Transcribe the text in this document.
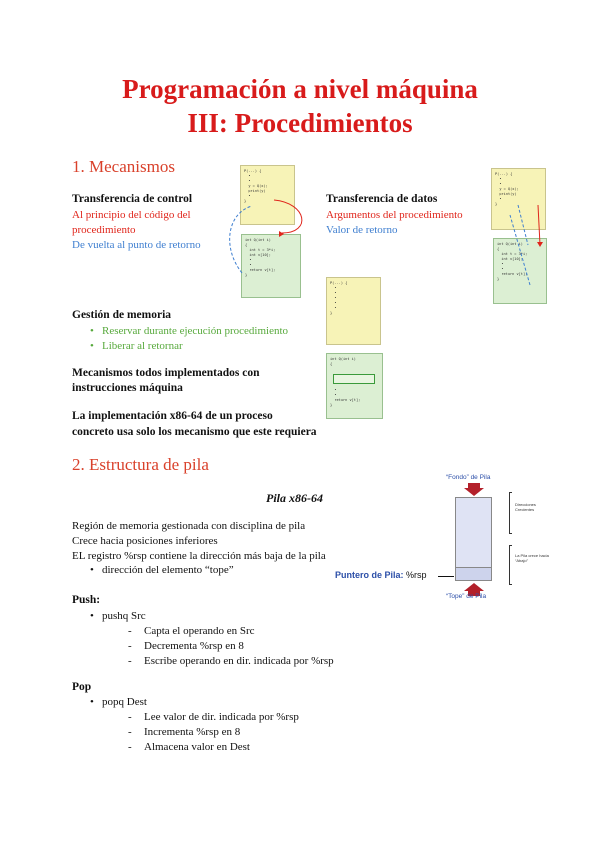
Programación a nivel máquina
III: Procedimientos
1. Mecanismos
Transferencia de control
Al principio del código del
procedimiento
De vuelta al punto de retorno
P(...) {
•
•
y = Q(x);
print(y)
•
}
int Q(int i)
{
int t = 3*i;
int v[10];
•
•
return v[t];
}
Transferencia de datos
Argumentos del procedimiento
Valor de retorno
P(...) {
•
•
y = Q(x);
print(y)
•
}
int Q(int i)
{
int t = 3*i;
int v[10];
•
•
return v[t];
}
Gestión de memoria
• Reservar durante ejecución procedimiento
• Liberar al retornar
P(...) {
•
•
•
•
•
}
int Q(int i)
{
•
•
return v[t];
}
Mecanismos todos implementados con
instrucciones máquina
La implementación x86-64 de un proceso
concreto usa solo los mecanismo que este requiera
2. Estructura de pila
Pila x86-64
Región de memoria gestionada con disciplina de pila
Crece hacia posiciones inferiores
EL registro %rsp contiene la dirección más baja de la pila
• dirección del elemento “tope”
“Fondo” de Pila
“Tope” de Pila
Puntero de Pila: %rsp
Direcciones Crecientes
La Pila crece hacia “Abajo”
Push:
• pushq Src
- Capta el operando en Src
- Decrementa %rsp en 8
- Escribe operando en dir. indicada por %rsp
Pop
• popq Dest
- Lee valor de dir. indicada por %rsp
- Incrementa %rsp en 8
- Almacena valor en Dest
